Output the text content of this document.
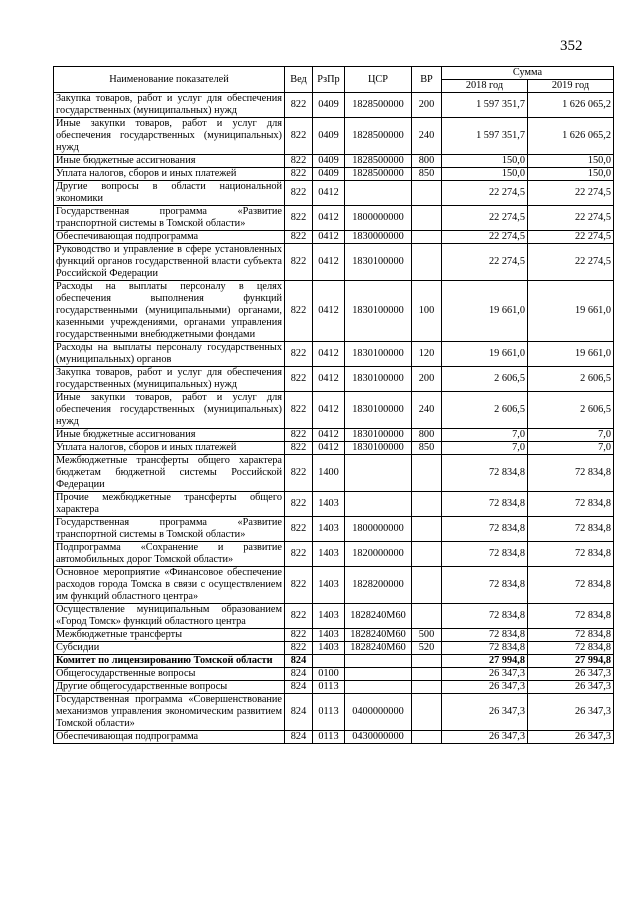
352
Наименование показателей	Вед	РзПр	ЦСР	ВР	Сумма	
					2018 год	2019 год
Закупка товаров, работ и услуг для обеспечения государственных (муниципальных) нужд	822	0409	1828500000	200	1 597 351,7	1 626 065,2
Иные закупки товаров, работ и услуг для обеспечения государственных (муниципальных) нужд	822	0409	1828500000	240	1 597 351,7	1 626 065,2
Иные бюджетные ассигнования	822	0409	1828500000	800	150,0	150,0
Уплата налогов, сборов и иных платежей	822	0409	1828500000	850	150,0	150,0
Другие вопросы в области национальной экономики	822	0412			22 274,5	22 274,5
Государственная программа «Развитие транспортной системы в Томской области»	822	0412	1800000000		22 274,5	22 274,5
Обеспечивающая подпрограмма	822	0412	1830000000		22 274,5	22 274,5
Руководство и управление в сфере установленных функций органов государственной власти субъекта Российской Федерации	822	0412	1830100000		22 274,5	22 274,5
Расходы на выплаты персоналу в целях обеспечения выполнения функций государственными (муниципальными) органами, казенными учреждениями, органами управления государственными внебюджетными фондами	822	0412	1830100000	100	19 661,0	19 661,0
Расходы на выплаты персоналу государственных (муниципальных) органов	822	0412	1830100000	120	19 661,0	19 661,0
Закупка товаров, работ и услуг для обеспечения государственных (муниципальных) нужд	822	0412	1830100000	200	2 606,5	2 606,5
Иные закупки товаров, работ и услуг для обеспечения государственных (муниципальных) нужд	822	0412	1830100000	240	2 606,5	2 606,5
Иные бюджетные ассигнования	822	0412	1830100000	800	7,0	7,0
Уплата налогов, сборов и иных платежей	822	0412	1830100000	850	7,0	7,0
Межбюджетные трансферты общего характера бюджетам бюджетной системы Российской Федерации	822	1400			72 834,8	72 834,8
Прочие межбюджетные трансферты общего характера	822	1403			72 834,8	72 834,8
Государственная программа «Развитие транспортной системы в Томской области»	822	1403	1800000000		72 834,8	72 834,8
Подпрограмма «Сохранение и развитие автомобильных дорог Томской области»	822	1403	1820000000		72 834,8	72 834,8
Основное мероприятие «Финансовое обеспечение расходов города Томска в связи с осуществлением им функций областного центра»	822	1403	1828200000		72 834,8	72 834,8
Осуществление муниципальным образованием «Город Томск» функций областного центра	822	1403	1828240М60		72 834,8	72 834,8
Межбюджетные трансферты	822	1403	1828240М60	500	72 834,8	72 834,8
Субсидии	822	1403	1828240М60	520	72 834,8	72 834,8
Комитет по лицензированию Томской области	824				27 994,8	27 994,8
Общегосударственные вопросы	824	0100			26 347,3	26 347,3
Другие общегосударственные вопросы	824	0113			26 347,3	26 347,3
Государственная программа «Совершенствование механизмов управления экономическим развитием Томской области»	824	0113	0400000000		26 347,3	26 347,3
Обеспечивающая подпрограмма	824	0113	0430000000		26 347,3	26 347,3
